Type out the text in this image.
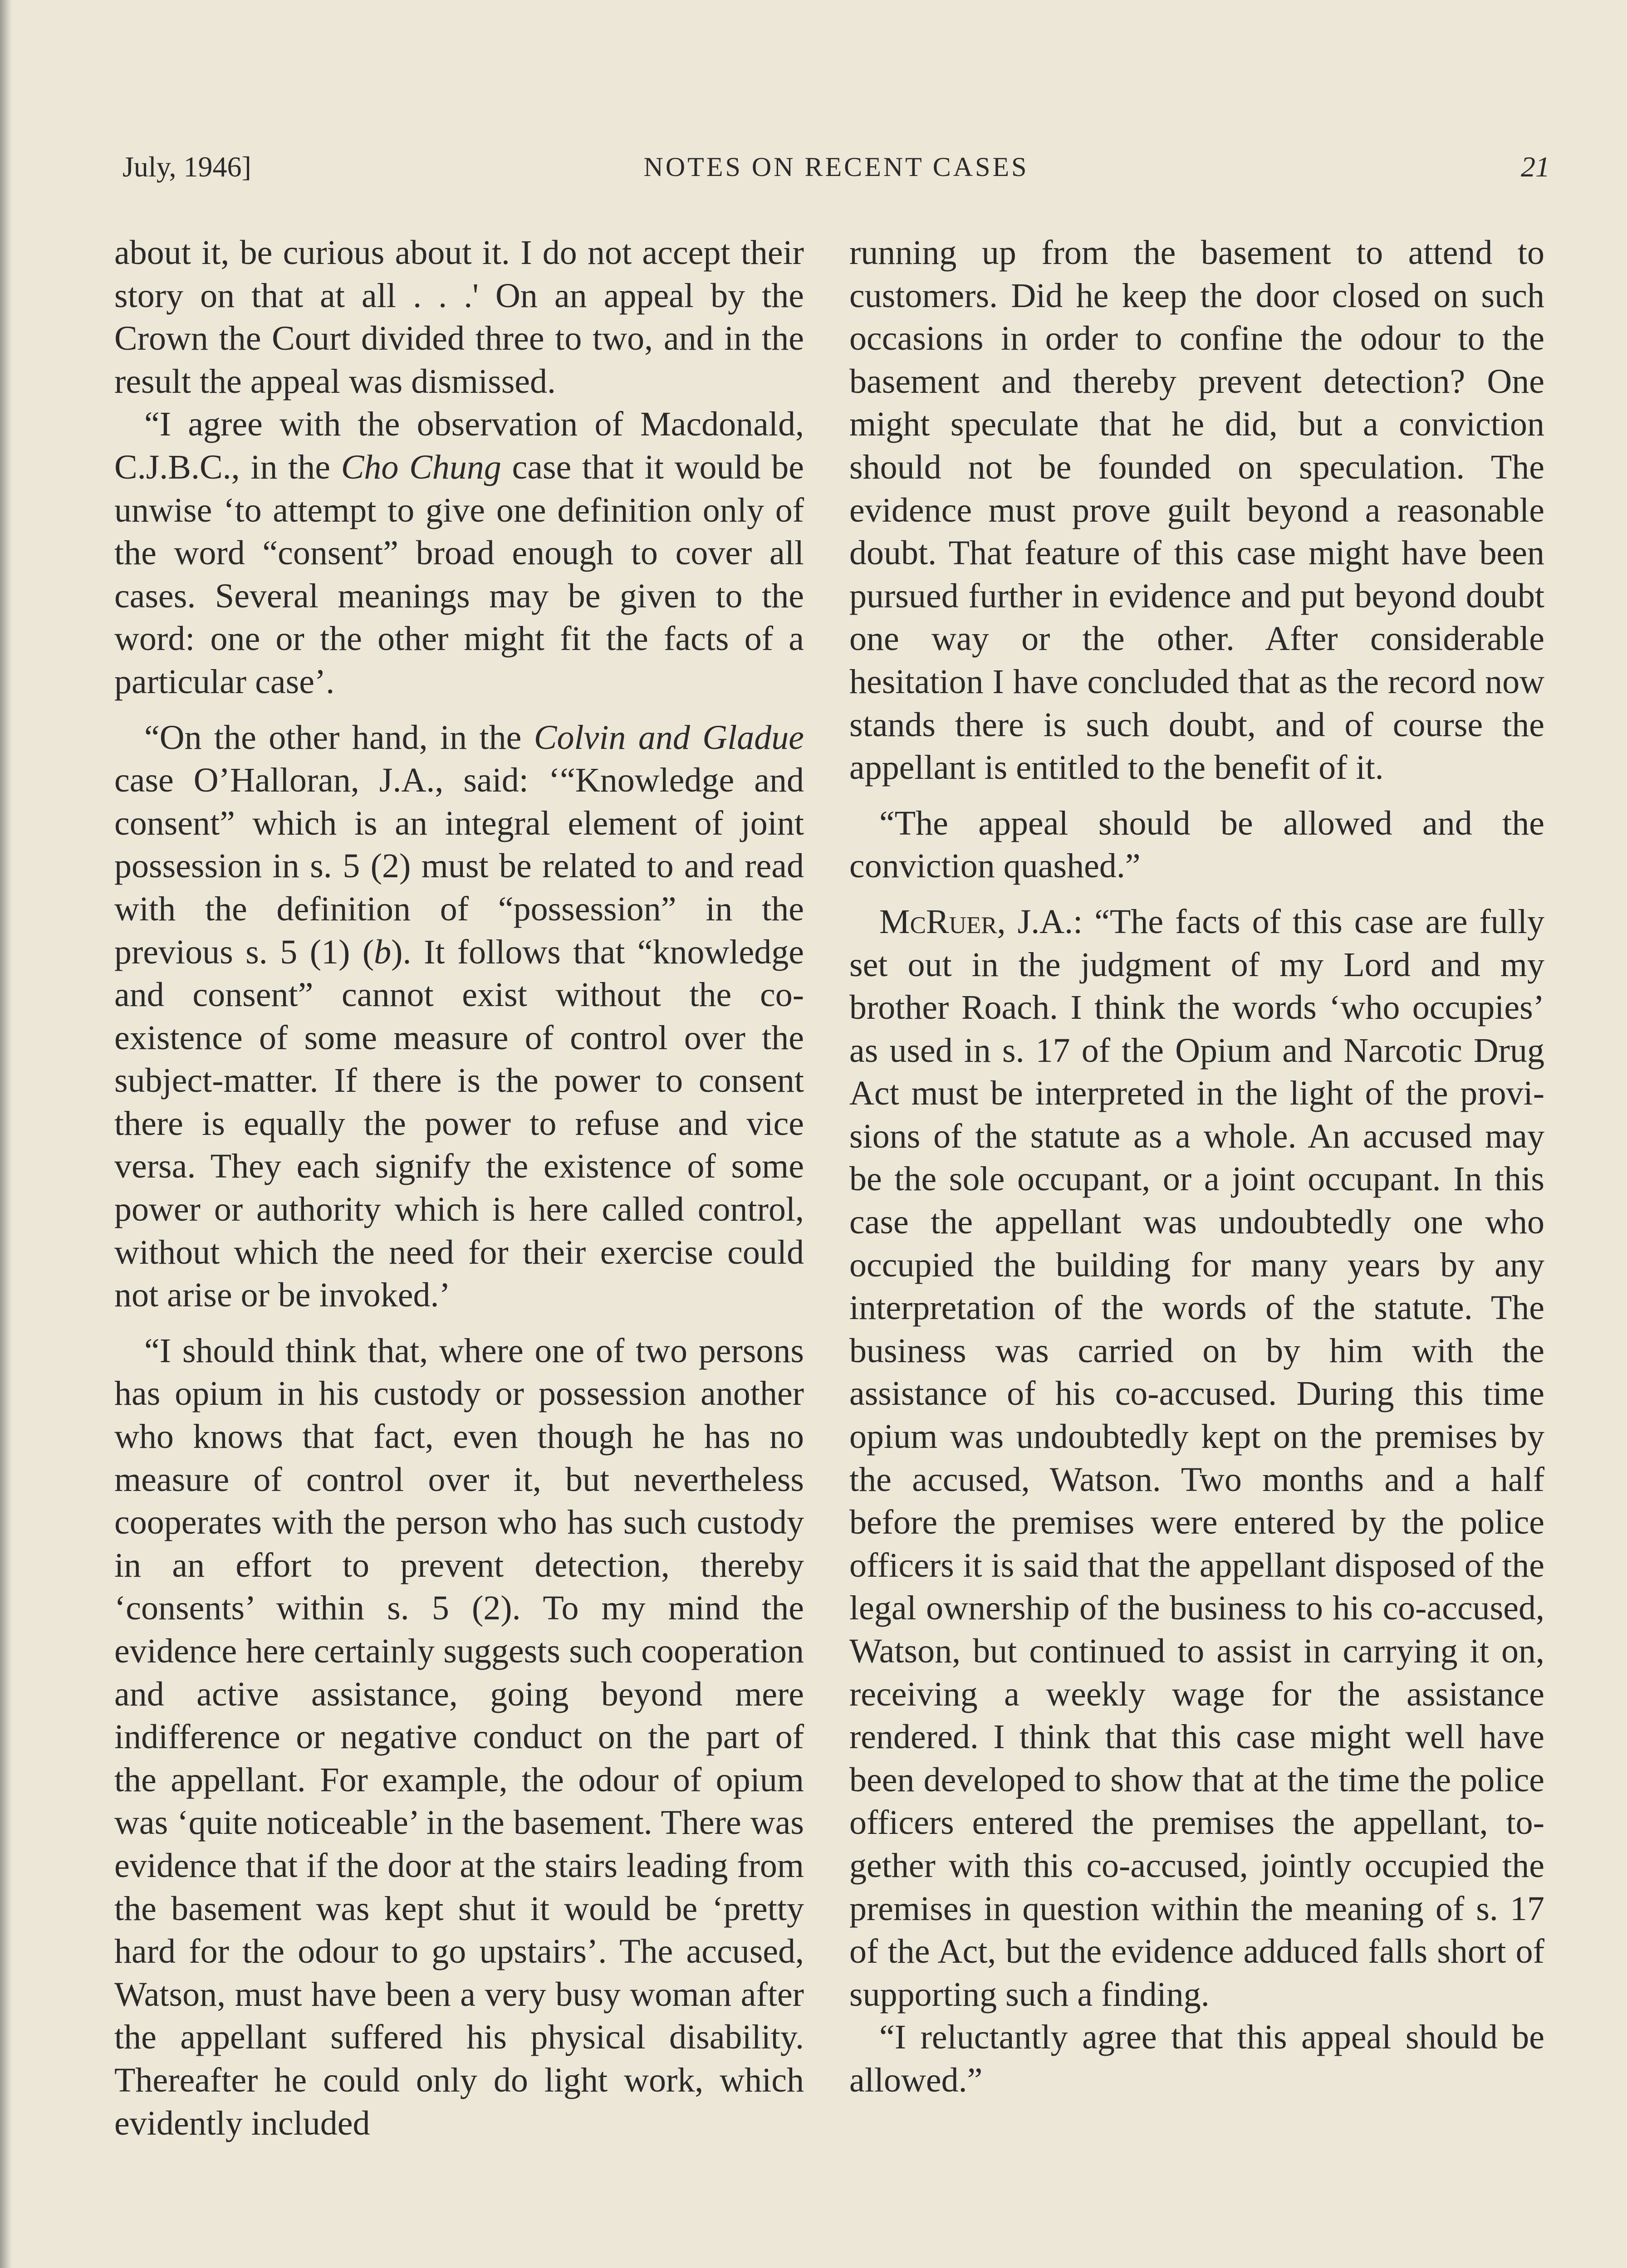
July, 1946]	NOTES ON RECENT CASES	21

about it, be curious about it. I do not accept their story on that at all . . .' On an appeal by the Crown the Court divided three to two, and in the result the appeal was dismissed.

“I agree with the observation of Macdonald, C.J.B.C., in the Cho Chung case that it would be unwise ‘to attempt to give one definition only of the word “consent” broad enough to cover all cases. Several meanings may be given to the word: one or the other might fit the facts of a particular case’.

“On the other hand, in the Colvin and Gladue case O’Halloran, J.A., said: ‘“Knowledge and consent” which is an integral element of joint possession in s. 5 (2) must be related to and read with the definition of “possession” in the previous s. 5 (1) (b). It follows that “knowledge and consent” cannot exist without the co-existence of some measure of control over the subject-matter. If there is the power to consent there is equally the power to refuse and vice versa. They each signify the existence of some power or authority which is here called control, without which the need for their exercise could not arise or be invoked.’

“I should think that, where one of two persons has opium in his custody or possession another who knows that fact, even though he has no measure of control over it, but nevertheless cooperates with the person who has such custody in an effort to prevent detection, thereby ‘consents’ within s. 5 (2). To my mind the evidence here certainly suggests such cooperation and active assistance, going beyond mere indifference or negative conduct on the part of the appellant. For example, the odour of opium was ‘quite noticeable’ in the basement. There was evidence that if the door at the stairs leading from the basement was kept shut it would be ‘pretty hard for the odour to go upstairs’. The accused, Watson, must have been a very busy woman after the appellant suffered his physical disability. Thereafter he could only do light work, which evidently included

running up from the basement to attend to customers. Did he keep the door closed on such occasions in order to confine the odour to the basement and thereby prevent detection? One might speculate that he did, but a conviction should not be founded on speculation. The evidence must prove guilt beyond a reasonable doubt. That feature of this case might have been pursued further in evidence and put beyond doubt one way or the other. After considerable hesitation I have concluded that as the record now stands there is such doubt, and of course the appellant is entitled to the benefit of it.

“The appeal should be allowed and the conviction quashed.”

McRuer, J.A.: “The facts of this case are fully set out in the judgment of my Lord and my brother Roach. I think the words ‘who occupies’ as used in s. 17 of the Opium and Narcotic Drug Act must be interpreted in the light of the provisions of the statute as a whole. An accused may be the sole occupant, or a joint occupant. In this case the appellant was undoubtedly one who occupied the building for many years by any interpretation of the words of the statute. The business was carried on by him with the assistance of his co-accused. During this time opium was undoubtedly kept on the premises by the accused, Watson. Two months and a half before the premises were entered by the police officers it is said that the appellant disposed of the legal ownership of the business to his co-accused, Watson, but continued to assist in carrying it on, receiving a weekly wage for the assistance rendered. I think that this case might well have been developed to show that at the time the police officers entered the premises the appellant, together with this co-accused, jointly occupied the premises in question within the meaning of s. 17 of the Act, but the evidence adduced falls short of supporting such a finding.

“I reluctantly agree that this appeal should be allowed.”
